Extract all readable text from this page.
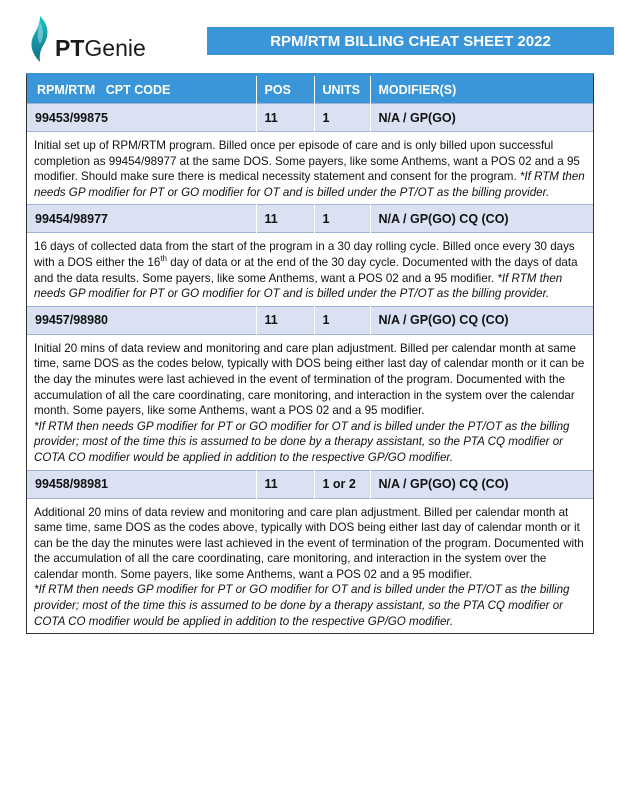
PTGenie	RPM/RTM BILLING CHEAT SHEET 2022
RPM/RTM   CPT CODE	POS	UNITS	MODIFIER(S)
99453/99875	11	1	N/A / GP(GO)
Initial set up of RPM/RTM program. Billed once per episode of care and is only billed upon successful completion as 99454/98977 at the same DOS. Some payers, like some Anthems, want a POS 02 and a 95 modifier. Should make sure there is medical necessity statement and consent for the program. *If RTM then needs GP modifier for PT or GO modifier for OT and is billed under the PT/OT as the billing provider.			
99454/98977	11	1	N/A / GP(GO) CQ (CO)
16 days of collected data from the start of the program in a 30 day rolling cycle. Billed once every 30 days with a DOS either the 16th day of data or at the end of the 30 day cycle. Documented with the days of data and the data results. Some payers, like some Anthems, want a POS 02 and a 95 modifier. *If RTM then needs GP modifier for PT or GO modifier for OT and is billed under the PT/OT as the billing provider.			
99457/98980	11	1	N/A / GP(GO) CQ (CO)
Initial 20 mins of data review and monitoring and care plan adjustment. Billed per calendar month at same time, same DOS as the codes below, typically with DOS being either last day of calendar month or it can be the day the minutes were last achieved in the event of termination of the program. Documented with the accumulation of all the care coordinating, care monitoring, and interaction in the system over the calendar month. Some payers, like some Anthems, want a POS 02 and a 95 modifier.
*If RTM then needs GP modifier for PT or GO modifier for OT and is billed under the PT/OT as the billing provider; most of the time this is assumed to be done by a therapy assistant, so the PTA CQ modifier or COTA CO modifier would be applied in addition to the respective GP/GO modifier.			
99458/98981	11	1 or 2	N/A / GP(GO) CQ (CO)
Additional 20 mins of data review and monitoring and care plan adjustment. Billed per calendar month at same time, same DOS as the codes above, typically with DOS being either last day of calendar month or it can be the day the minutes were last achieved in the event of termination of the program. Documented with the accumulation of all the care coordinating, care monitoring, and interaction in the system over the calendar month. Some payers, like some Anthems, want a POS 02 and a 95 modifier.
*If RTM then needs GP modifier for PT or GO modifier for OT and is billed under the PT/OT as the billing provider; most of the time this is assumed to be done by a therapy assistant, so the PTA CQ modifier or COTA CO modifier would be applied in addition to the respective GP/GO modifier.			
